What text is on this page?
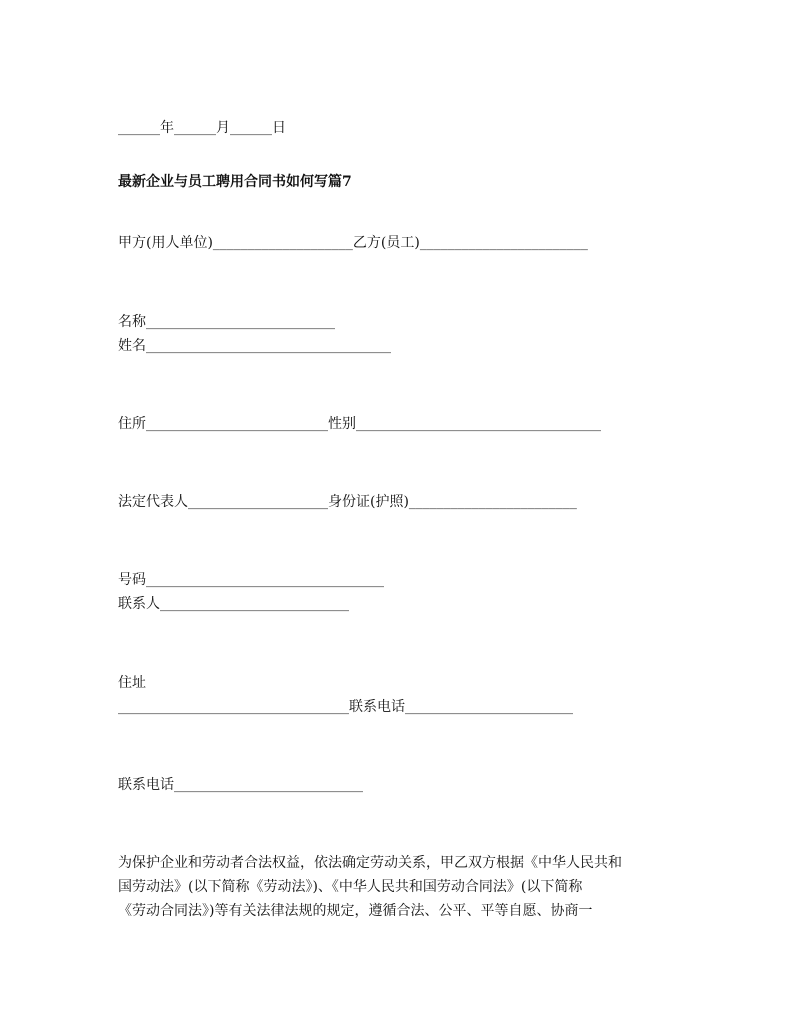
______年______月______日
最新企业与员工聘用合同书如何写篇7
甲方(用人单位)____________________乙方(员工)________________________
名称___________________________
姓名___________________________________
住所__________________________性别___________________________________
法定代表人____________________身份证(护照)________________________
号码__________________________________
联系人___________________________
住址
_________________________________联系电话________________________
联系电话___________________________
为保护企业和劳动者合法权益，依法确定劳动关系，甲乙双方根据《中华人民共和
国劳动法》(以下简称《劳动法》)、《中华人民共和国劳动合同法》(以下简称
《劳动合同法》)等有关法律法规的规定，遵循合法、公平、平等自愿、协商一
